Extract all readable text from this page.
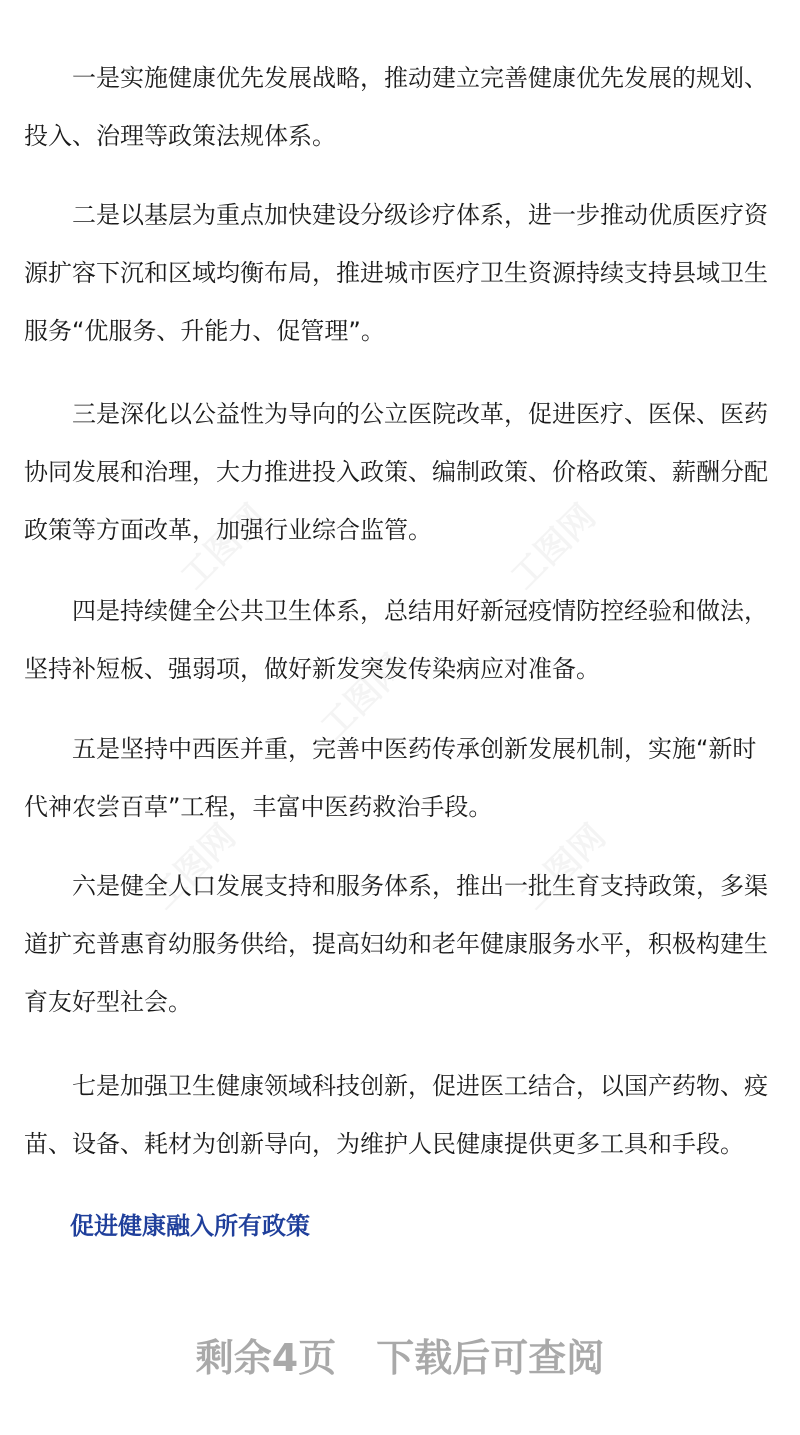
一是实施健康优先发展战略，推动建立完善健康优先发展的规划、投入、治理等政策法规体系。

二是以基层为重点加快建设分级诊疗体系，进一步推动优质医疗资源扩容下沉和区域均衡布局，推进城市医疗卫生资源持续支持县域卫生服务“优服务、升能力、促管理”。

三是深化以公益性为导向的公立医院改革，促进医疗、医保、医药协同发展和治理，大力推进投入政策、编制政策、价格政策、薪酬分配政策等方面改革，加强行业综合监管。

四是持续健全公共卫生体系，总结用好新冠疫情防控经验和做法，坚持补短板、强弱项，做好新发突发传染病应对准备。

五是坚持中西医并重，完善中医药传承创新发展机制，实施“新时代神农尝百草”工程，丰富中医药救治手段。

六是健全人口发展支持和服务体系，推出一批生育支持政策，多渠道扩充普惠育幼服务供给，提高妇幼和老年健康服务水平，积极构建生育友好型社会。

七是加强卫生健康领域科技创新，促进医工结合，以国产药物、疫苗、设备、耗材为创新导向，为维护人民健康提供更多工具和手段。

促进健康融入所有政策

剩余4页 下载后可查阅
工图网	工图网
工图网
工图网	工图网
